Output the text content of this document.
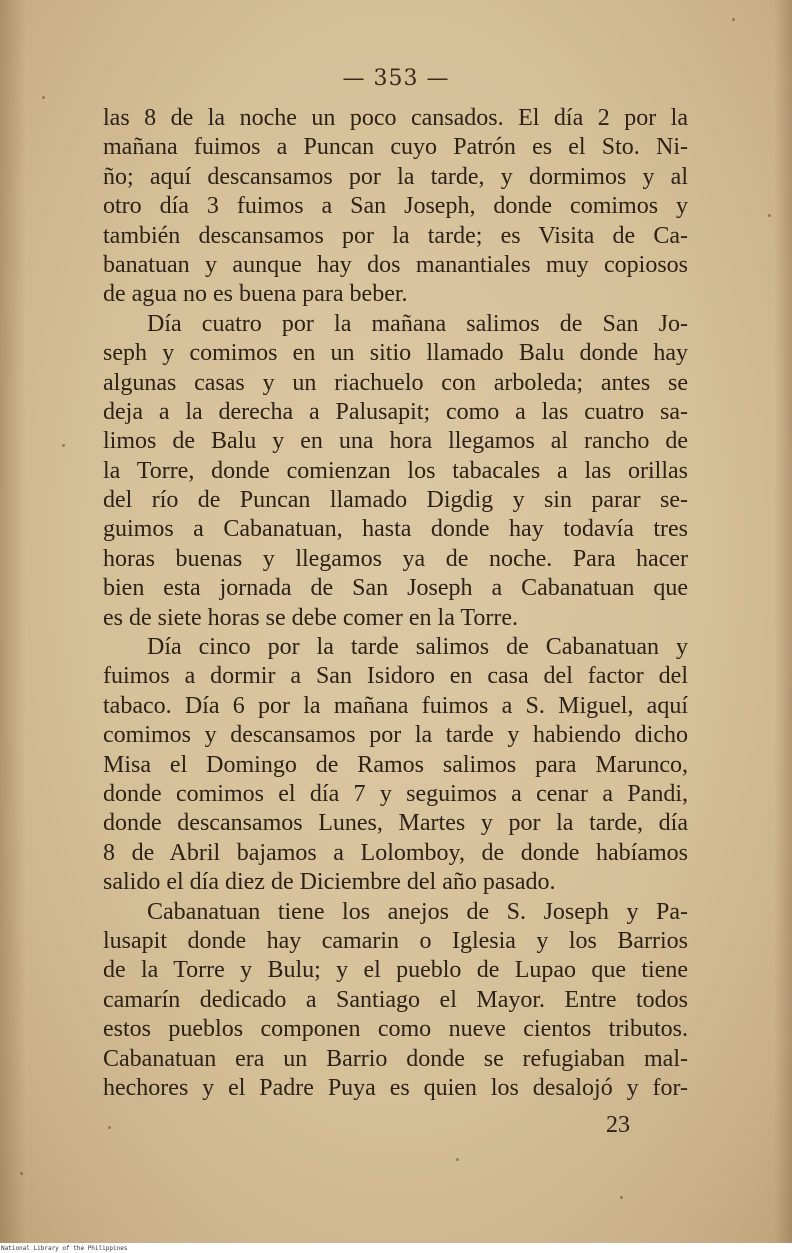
— 353 —
las 8 de la noche un poco cansados. El día 2 por la
mañana fuimos a Puncan cuyo Patrón es el Sto. Ni-
ño; aquí descansamos por la tarde, y dormimos y al
otro día 3 fuimos a San Joseph, donde comimos y
también descansamos por la tarde; es Visita de Ca-
banatuan y aunque hay dos manantiales muy copiosos
de agua no es buena para beber.
Día cuatro por la mañana salimos de San Jo-
seph y comimos en un sitio llamado Balu donde hay
algunas casas y un riachuelo con arboleda; antes se
deja a la derecha a Palusapit; como a las cuatro sa-
limos de Balu y en una hora llegamos al rancho de
la Torre, donde comienzan los tabacales a las orillas
del río de Puncan llamado Digdig y sin parar se-
guimos a Cabanatuan, hasta donde hay todavía tres
horas buenas y llegamos ya de noche. Para hacer
bien esta jornada de San Joseph a Cabanatuan que
es de siete horas se debe comer en la Torre.
Día cinco por la tarde salimos de Cabanatuan y
fuimos a dormir a San Isidoro en casa del factor del
tabaco. Día 6 por la mañana fuimos a S. Miguel, aquí
comimos y descansamos por la tarde y habiendo dicho
Misa el Domingo de Ramos salimos para Marunco,
donde comimos el día 7 y seguimos a cenar a Pandi,
donde descansamos Lunes, Martes y por la tarde, día
8 de Abril bajamos a Lolomboy, de donde habíamos
salido el día diez de Diciembre del año pasado.
Cabanatuan tiene los anejos de S. Joseph y Pa-
lusapit donde hay camarin o Iglesia y los Barrios
de la Torre y Bulu; y el pueblo de Lupao que tiene
camarín dedicado a Santiago el Mayor. Entre todos
estos pueblos componen como nueve cientos tributos.
Cabanatuan era un Barrio donde se refugiaban mal-
hechores y el Padre Puya es quien los desalojó y for-
23
National Library of the Philippines
